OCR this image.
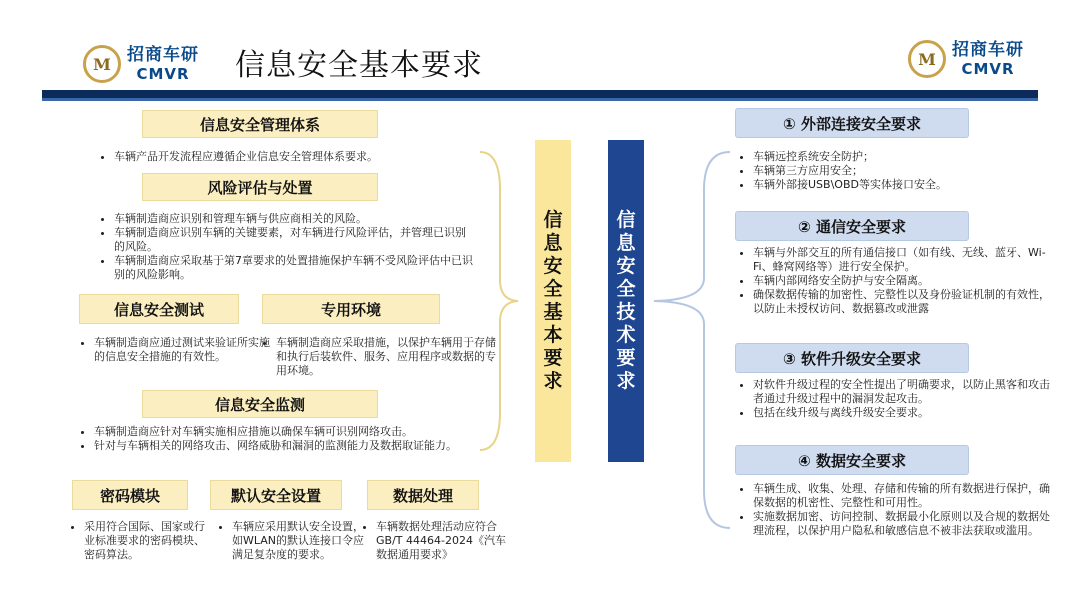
M 招商车研
CMVR	信息安全基本要求	M 招商车研
CMVR
信息安全管理体系
• 车辆产品开发流程应遵循企业信息安全管理体系要求。
风险评估与处置
• 车辆制造商应识别和管理车辆与供应商相关的风险。
• 车辆制造商应识别车辆的关键要素，对车辆进行风险评估，并管理已识别的风险。
• 车辆制造商应采取基于第7章要求的处置措施保护车辆不受风险评估中已识别的风险影响。
信息安全测试
• 车辆制造商应通过测试来验证所实施的信息安全措施的有效性。
专用环境
• 车辆制造商应采取措施，以保护车辆用于存储和执行后装软件、服务、应用程序或数据的专用环境。
信息安全监测
• 车辆制造商应针对车辆实施相应措施以确保车辆可识别网络攻击。
• 针对与车辆相关的网络攻击、网络威胁和漏洞的监测能力及数据取证能力。
密码模块
• 采用符合国际、国家或行业标准要求的密码模块、密码算法。
默认安全设置
• 车辆应采用默认安全设置，如WLAN的默认连接口令应满足复杂度的要求。
数据处理
• 车辆数据处理活动应符合GB/T 44464-2024《汽车数据通用要求》
信
息
安
全
基
本
要
求
信
息
安
全
技
术
要
求
① 外部连接安全要求
• 车辆远控系统安全防护；
• 车辆第三方应用安全；
• 车辆外部接USB\OBD等实体接口安全。
② 通信安全要求
• 车辆与外部交互的所有通信接口（如有线、无线、蓝牙、Wi-Fi、蜂窝网络等）进行安全保护。
• 车辆内部网络安全防护与安全隔离。
• 确保数据传输的加密性、完整性以及身份验证机制的有效性，以防止未授权访问、数据篡改或泄露
③ 软件升级安全要求
• 对软件升级过程的安全性提出了明确要求，以防止黑客和攻击者通过升级过程中的漏洞发起攻击。
• 包括在线升级与离线升级安全要求。
④ 数据安全要求
• 车辆生成、收集、处理、存储和传输的所有数据进行保护，确保数据的机密性、完整性和可用性。
• 实施数据加密、访问控制、数据最小化原则以及合规的数据处理流程，以保护用户隐私和敏感信息不被非法获取或滥用。
